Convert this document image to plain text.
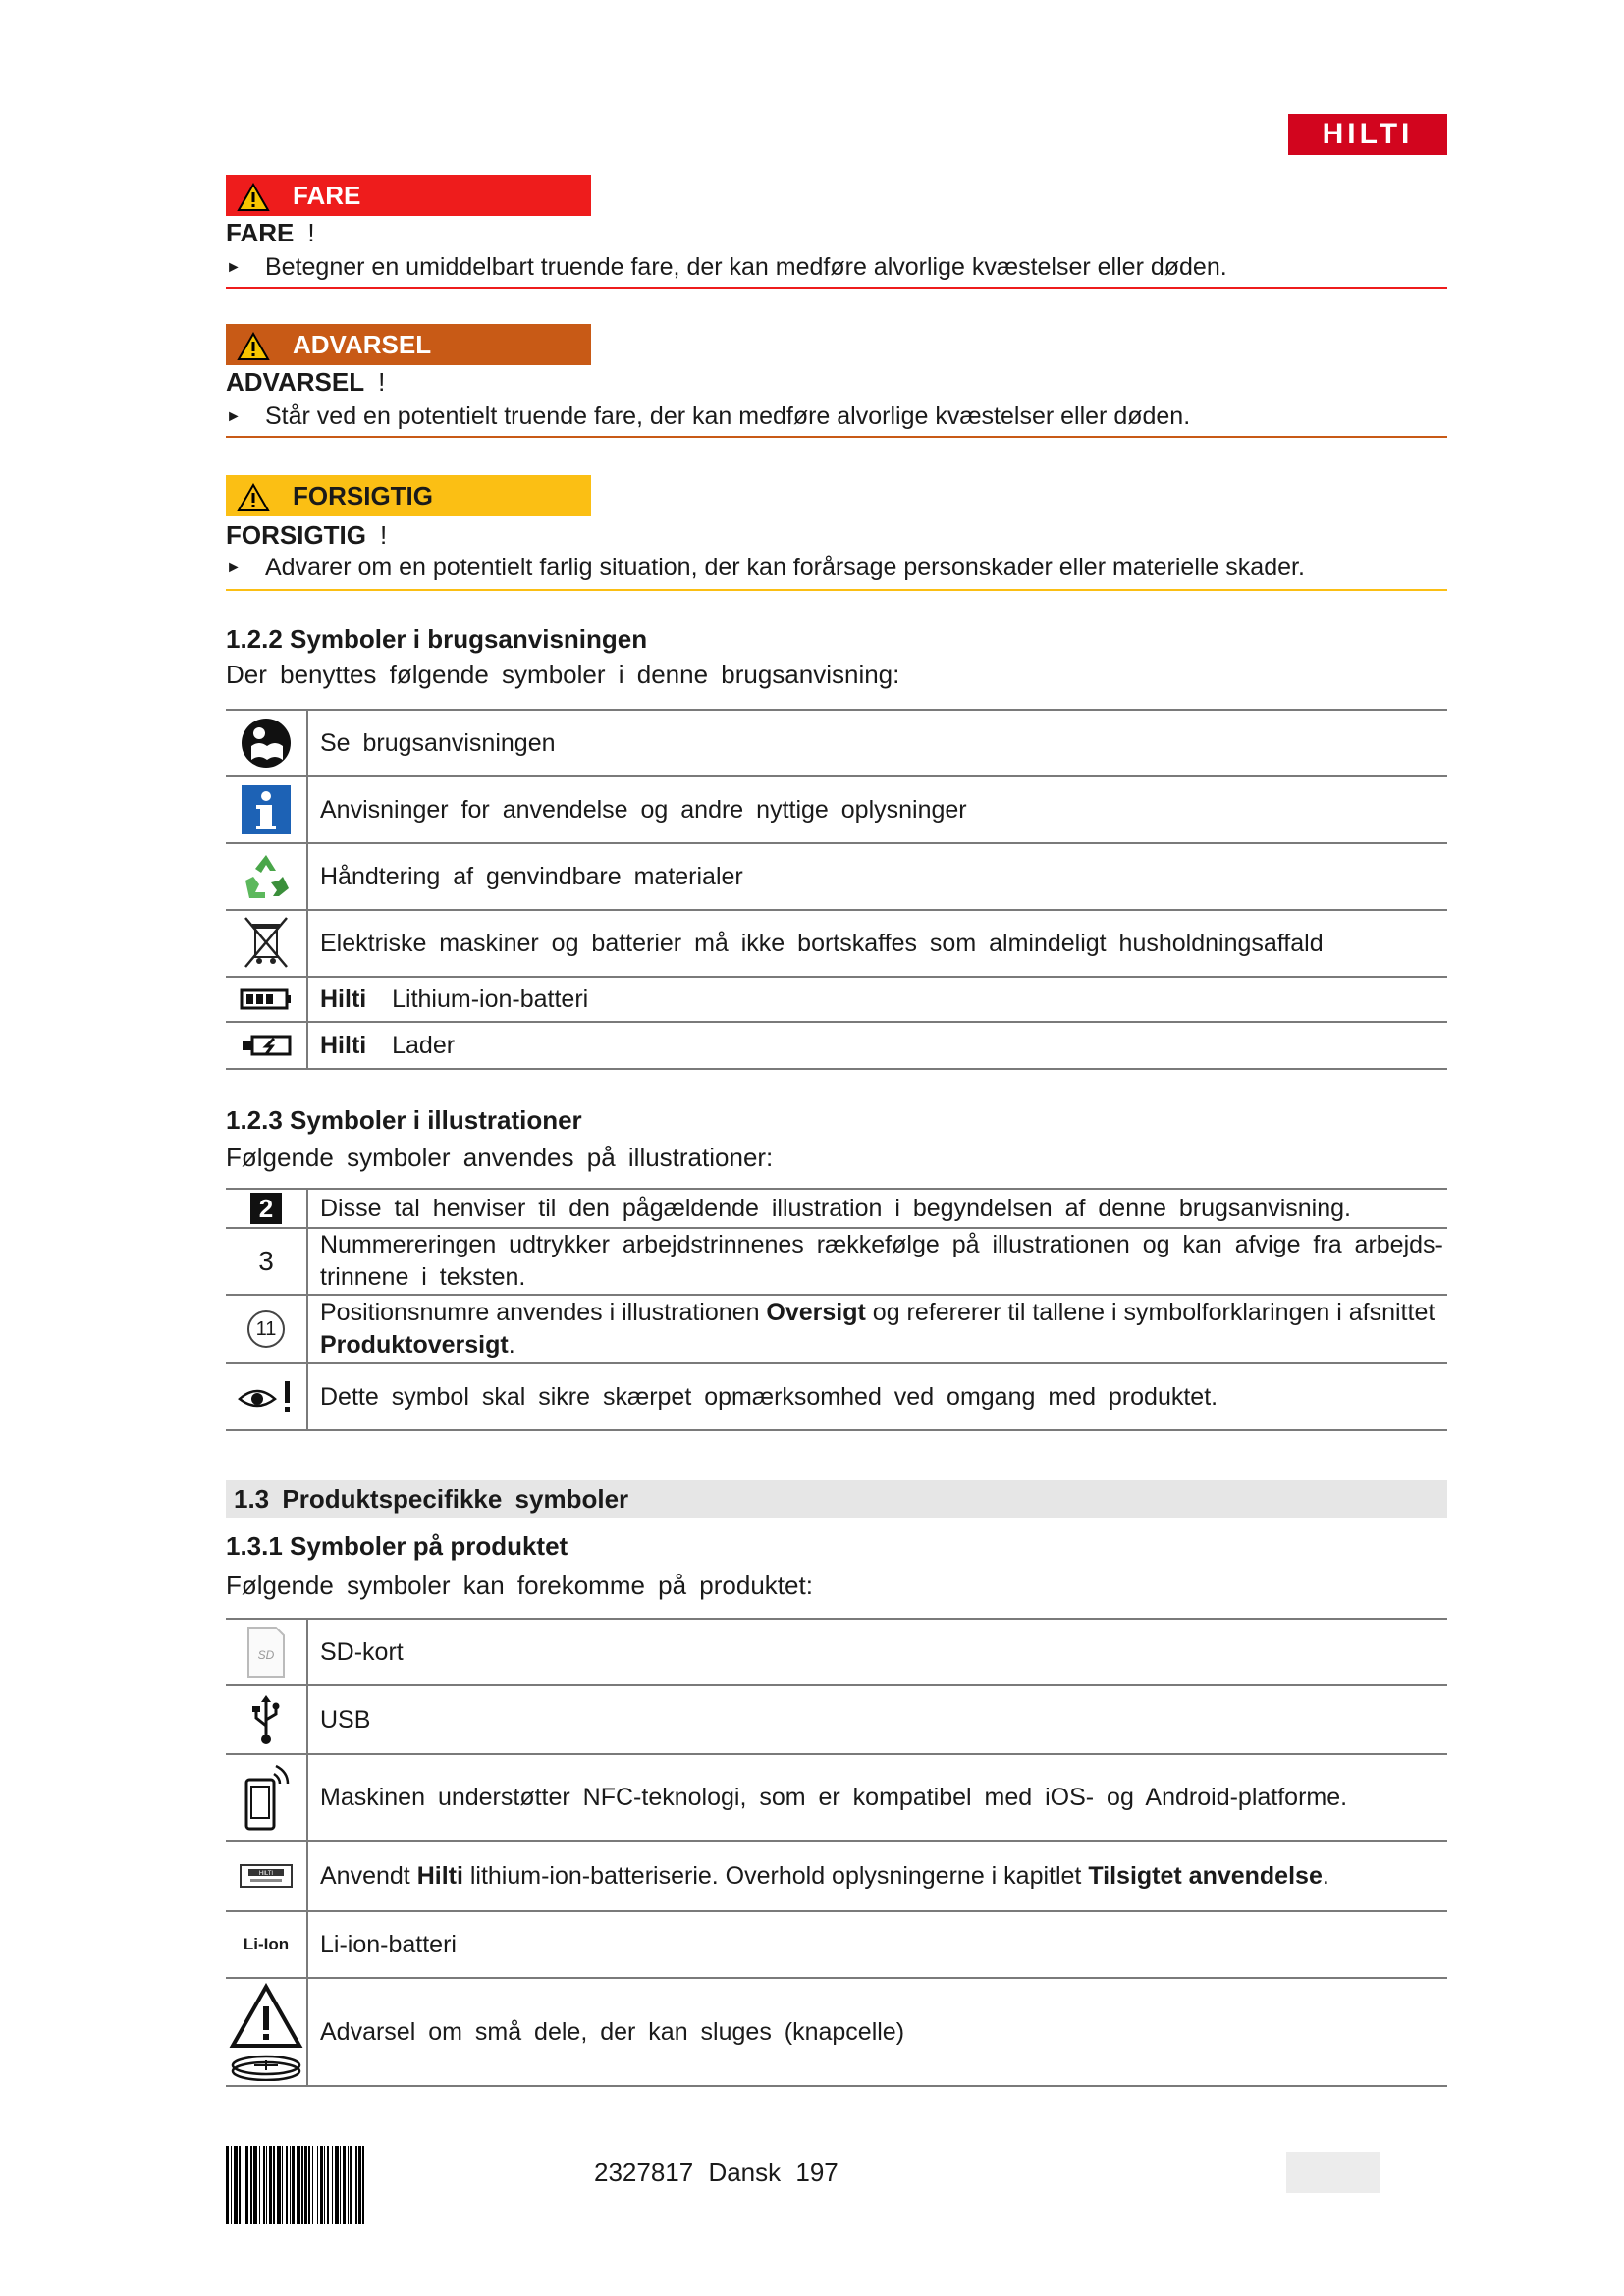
HILTI
FARE
FARE !
► Betegner en umiddelbart truende fare, der kan medføre alvorlige kvæstelser eller døden.
ADVARSEL
ADVARSEL !
► Står ved en potentielt truende fare, der kan medføre alvorlige kvæstelser eller døden.
FORSIGTIG
FORSIGTIG !
► Advarer om en potentielt farlig situation, der kan forårsage personskader eller materielle skader.
1.2.2 Symboler i brugsanvisningen
Der benyttes følgende symboler i denne brugsanvisning:
	Se brugsanvisningen

	Anvisninger for anvendelse og andre nyttige oplysninger

	Håndtering af genvindbare materialer

	Elektriske maskiner og batterier må ikke bortskaffes som almindeligt husholdningsaffald

	Hilti Lithium-ion-batteri

	Hilti Lader
1.2.3 Symboler i illustrationer
Følgende symboler anvendes på illustrationer:
2	Disse tal henviser til den pågældende illustration i begyndelsen af denne brugsanvisning.
3	Nummereringen udtrykker arbejdstrinnenes rækkefølge på illustrationen og kan afvige fra arbejds-trinnene i teksten.
11	Positionsnumre anvendes i illustrationen Oversigt og refererer til tallene i symbolforklaringen i afsnittet Produktoversigt.

	Dette symbol skal sikre skærpet opmærksomhed ved omgang med produktet.
1.3 Produktspecifikke symboler
1.3.1 Symboler på produktet
Følgende symboler kan forekomme på produktet:
SD	SD-kort

	USB

	Maskinen understøtter NFC-teknologi, som er kompatibel med iOS- og Android-platforme.

HILTI	Anvendt Hilti lithium-ion-batteriserie. Overhold oplysningerne i kapitlet Tilsigtet anvendelse.
Li-Ion	Li-ion-batteri

	Advarsel om små dele, der kan sluges (knapcelle)
2327817 Dansk 197
